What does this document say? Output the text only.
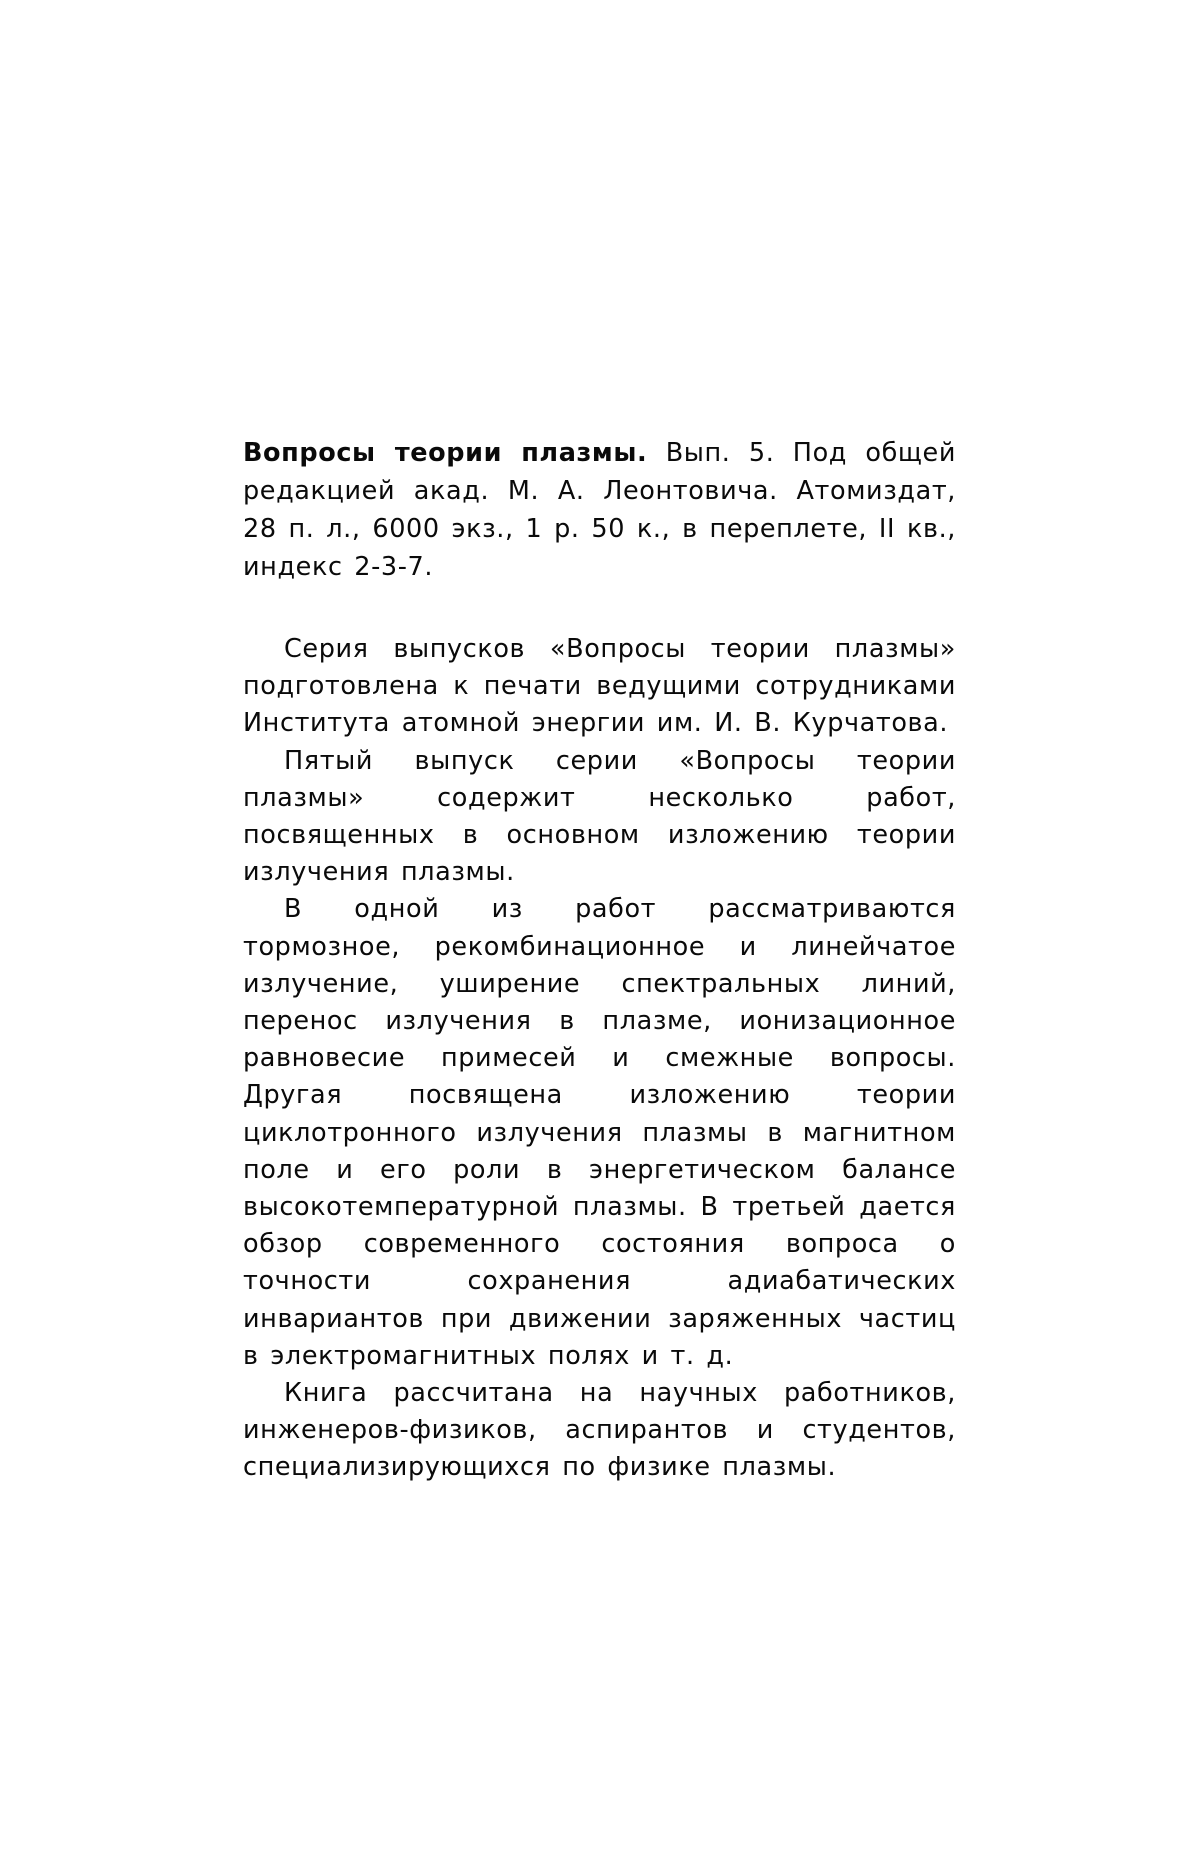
Вопросы теории плазмы. Вып. 5. Под общей редакцией акад. М. А. Леонтовича. Атомиздат, 28 п. л., 6000 экз., 1 р. 50 к., в переплете, II кв., индекс 2-3-7.

Серия выпусков «Вопросы теории плазмы» подготовлена к печати ведущими сотрудниками Института атомной энергии им. И. В. Курчатова.

Пятый выпуск серии «Вопросы теории плазмы» содержит несколько работ, посвященных в основном изложению теории излучения плазмы.

В одной из работ рассматриваются тормозное, рекомбинационное и линейчатое излучение, уширение спектральных линий, перенос излучения в плазме, ионизационное равновесие примесей и смежные вопросы. Другая посвящена изложению теории циклотронного излучения плазмы в магнитном поле и его роли в энергетическом балансе высокотемпературной плазмы. В третьей дается обзор современного состояния вопроса о точности сохранения адиабатических инвариантов при движении заряженных частиц в электромагнитных полях и т. д.

Книга рассчитана на научных работников, инженеров-физиков, аспирантов и студентов, специализирующихся по физике плазмы.
